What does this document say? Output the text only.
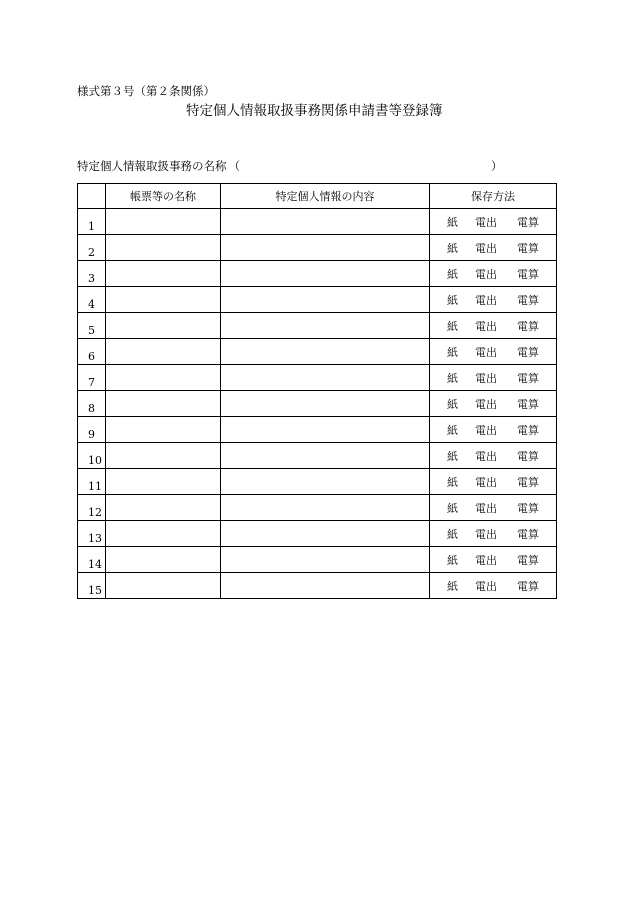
様式第３号（第２条関係）
特定個人情報取扱事務関係申請書等登録簿
特定個人情報取扱事務の名称 （	）
	帳票等の名称	特定個人情報の内容	保存方法
1			紙 電出 電算

2			紙 電出 電算

3			紙 電出 電算

4			紙 電出 電算

5			紙 電出 電算

6			紙 電出 電算

7			紙 電出 電算

8			紙 電出 電算

9			紙 電出 電算

10			紙 電出 電算

11			紙 電出 電算

12			紙 電出 電算

13			紙 電出 電算

14			紙 電出 電算

15			紙 電出 電算
